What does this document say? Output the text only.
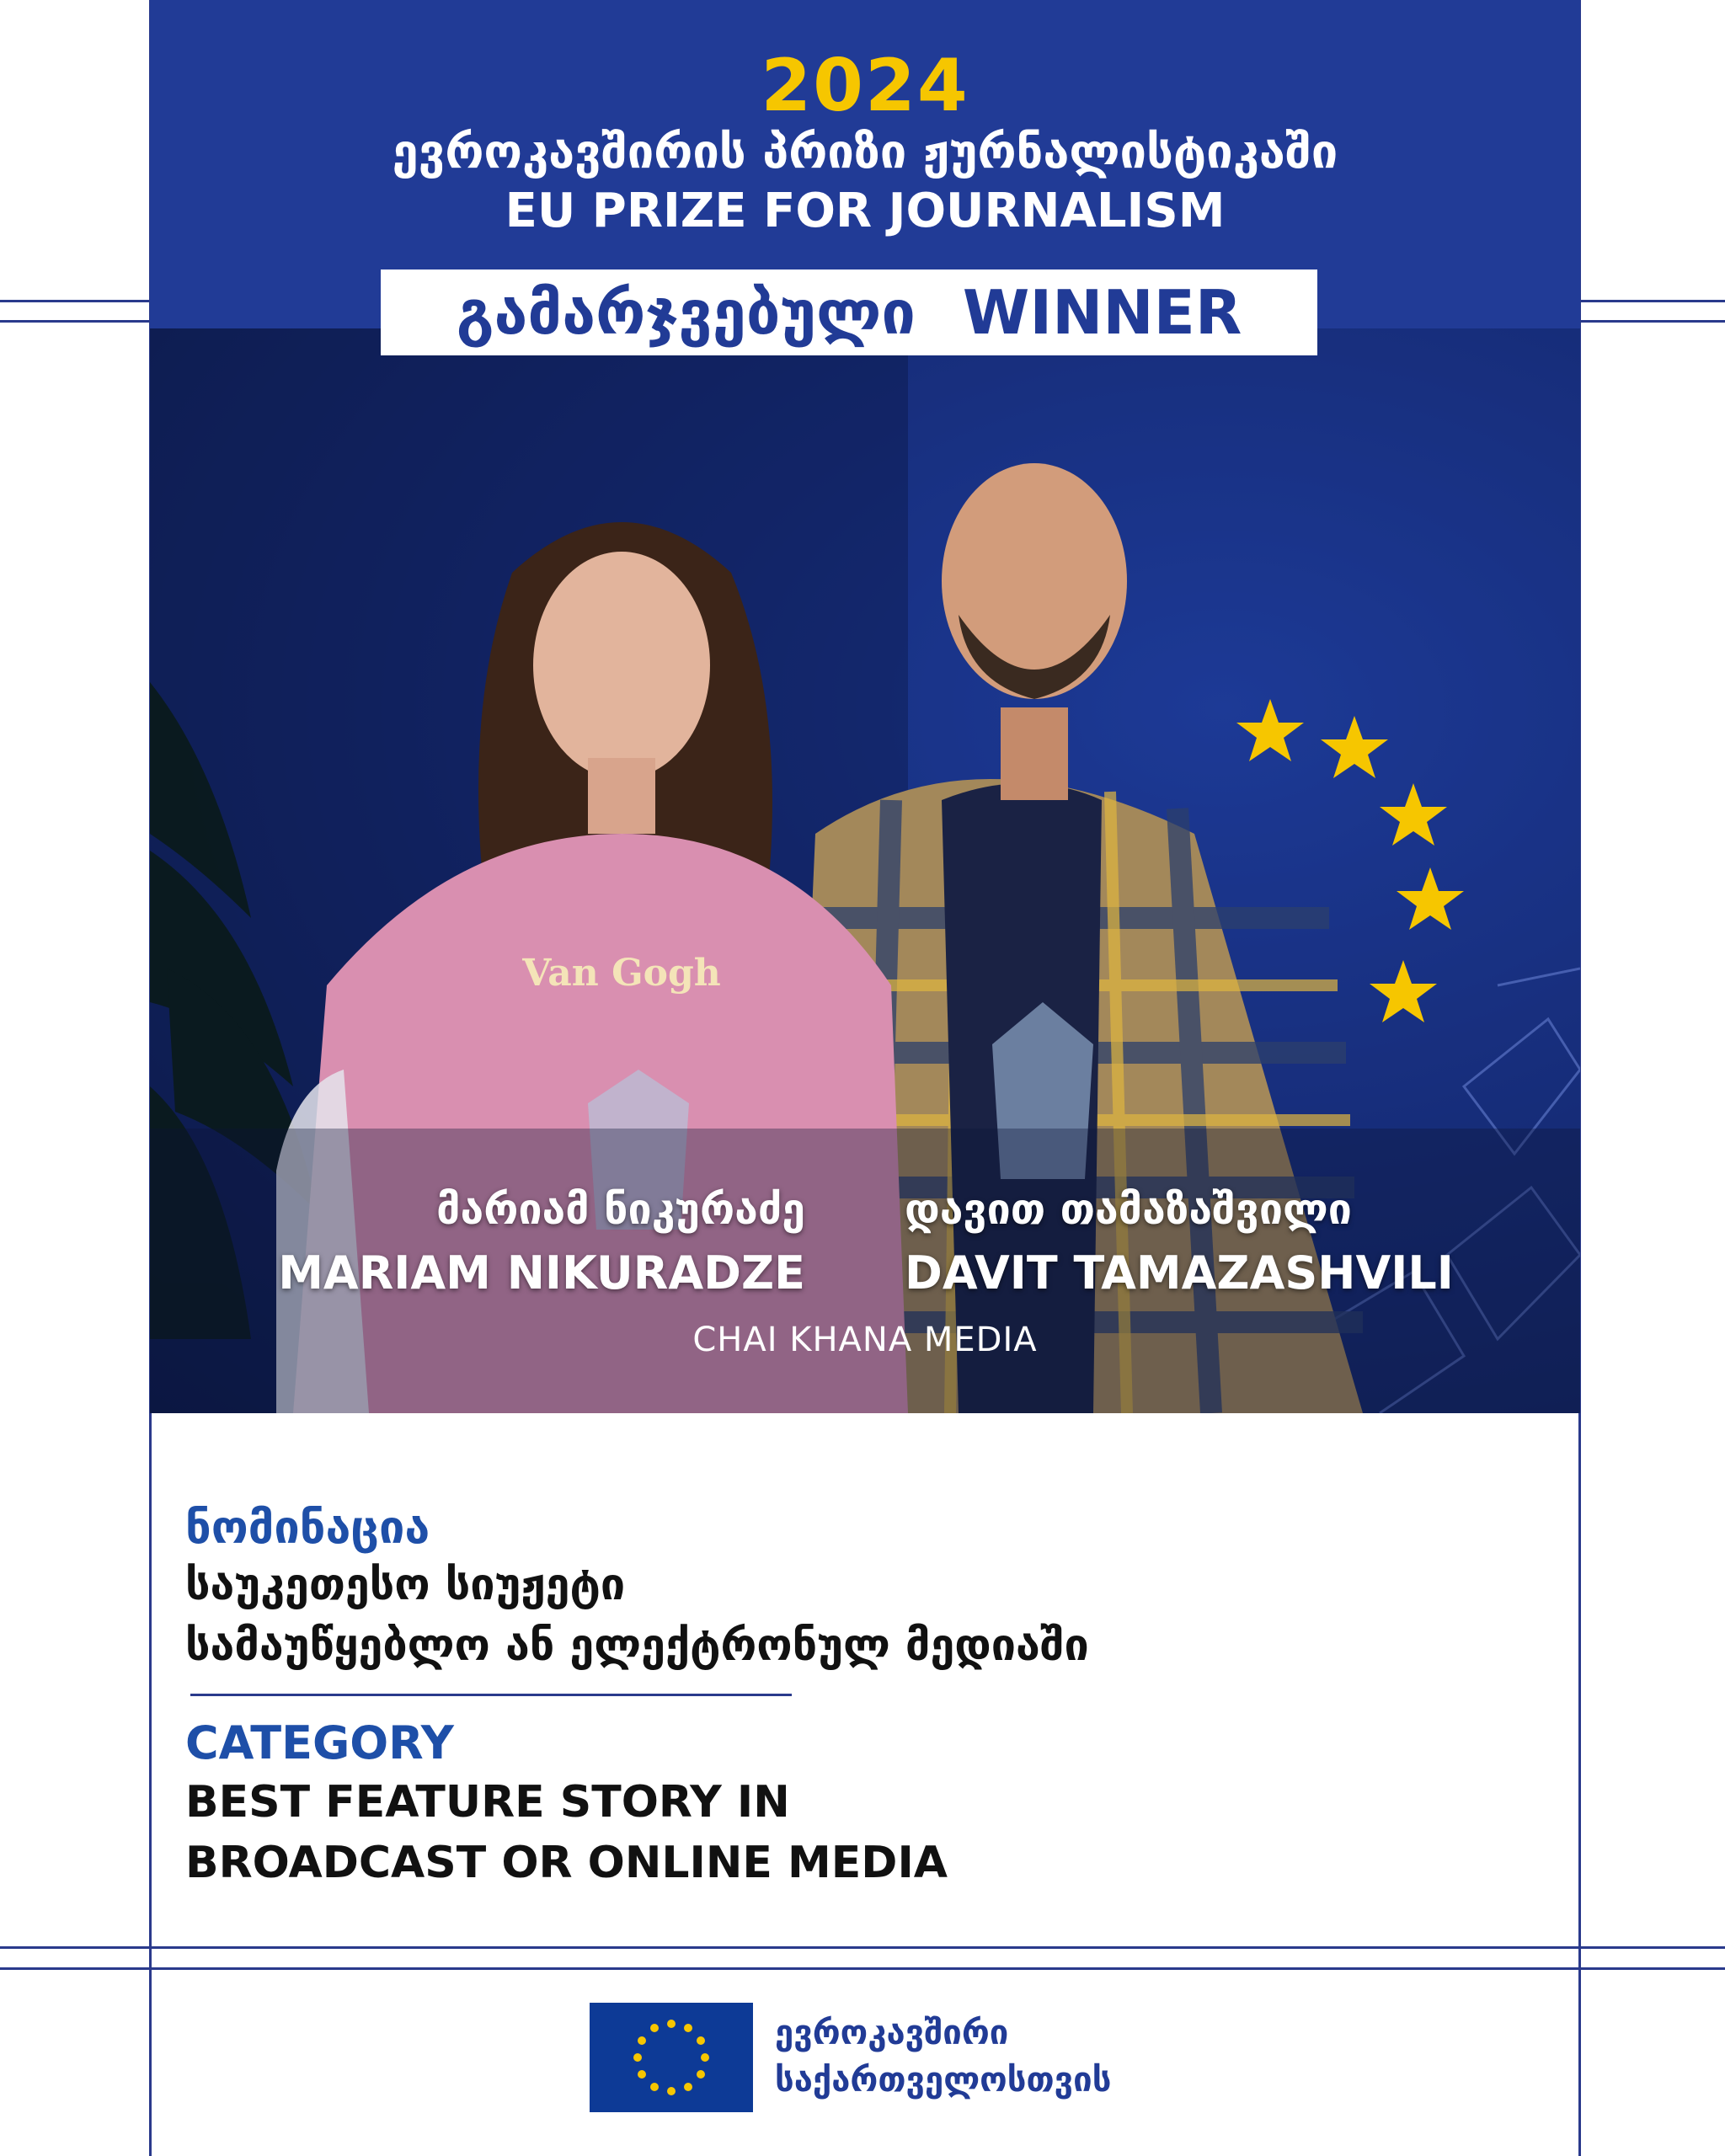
2024
ევროკავშირის პრიზი ჟურნალისტიკაში
EU PRIZE FOR JOURNALISM
გამარჯვებული WINNER
Van Gogh
მარიამ ნიკურაძე
MARIAM NIKURADZE
დავით თამაზაშვილი
DAVIT TAMAZASHVILI
CHAI KHANA MEDIA
ნომინაცია
საუკეთესო სიუჟეტი
სამაუწყებლო ან ელექტრონულ მედიაში
CATEGORY
BEST FEATURE STORY IN
BROADCAST OR ONLINE MEDIA
ევროკავშირი
საქართველოსთვის
